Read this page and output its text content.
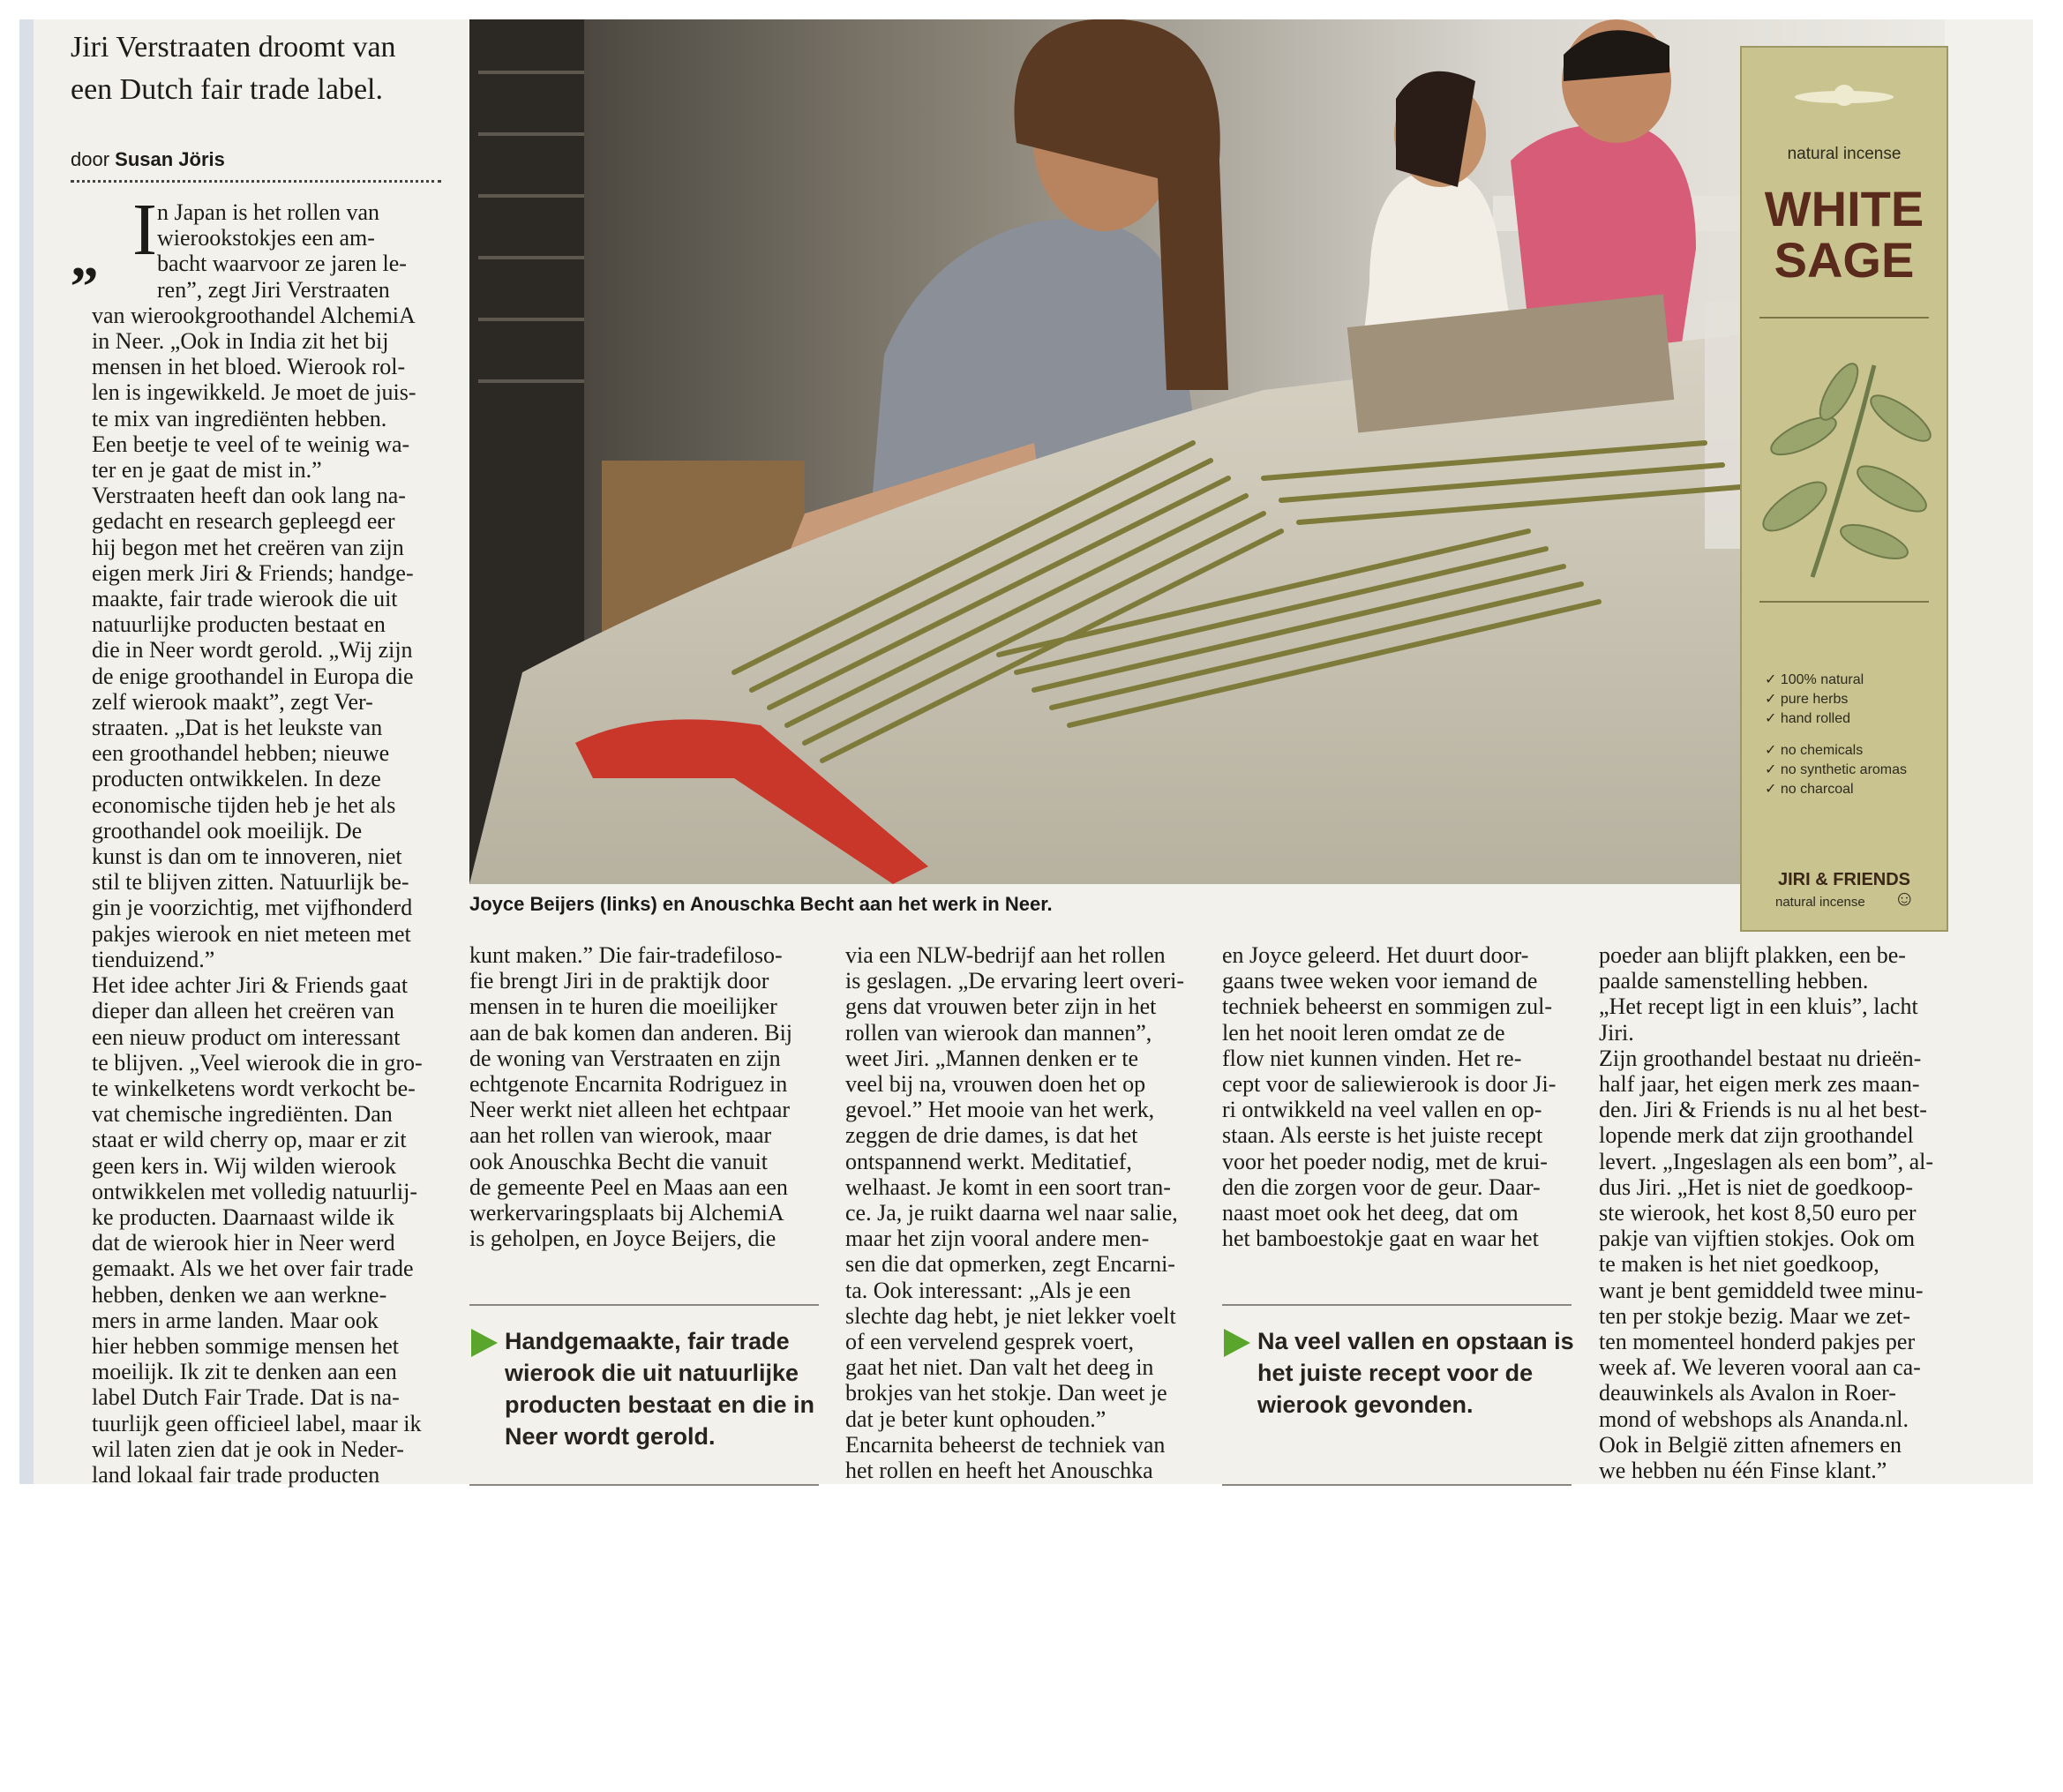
Jiri Verstraaten droomt van een Dutch fair trade label.
door Susan Jöris
„ I n Japan is het rollen van

wierookstokjes een am-

bacht waarvoor ze jaren le-

ren”, zegt Jiri Verstraaten

van wierookgroothandel AlchemiA

in Neer. „Ook in India zit het bij

mensen in het bloed. Wierook rol-

len is ingewikkeld. Je moet de juis-

te mix van ingrediënten hebben.

Een beetje te veel of te weinig wa-

ter en je gaat de mist in.”

Verstraaten heeft dan ook lang na-

gedacht en research gepleegd eer

hij begon met het creëren van zijn

eigen merk Jiri & Friends; handge-

maakte, fair trade wierook die uit

natuurlijke producten bestaat en

die in Neer wordt gerold. „Wij zijn

de enige groothandel in Europa die

zelf wierook maakt”, zegt Ver-

straaten. „Dat is het leukste van

een groothandel hebben; nieuwe

producten ontwikkelen. In deze

economische tijden heb je het als

groothandel ook moeilijk. De

kunst is dan om te innoveren, niet

stil te blijven zitten. Natuurlijk be-

gin je voorzichtig, met vijfhonderd

pakjes wierook en niet meteen met

tienduizend.”

Het idee achter Jiri & Friends gaat

dieper dan alleen het creëren van

een nieuw product om interessant

te blijven. „Veel wierook die in gro-

te winkelketens wordt verkocht be-

vat chemische ingrediënten. Dan

staat er wild cherry op, maar er zit

geen kers in. Wij wilden wierook

ontwikkelen met volledig natuurlij-

ke producten. Daarnaast wilde ik

dat de wierook hier in Neer werd

gemaakt. Als we het over fair trade

hebben, denken we aan werkne-

mers in arme landen. Maar ook

hier hebben sommige mensen het

moeilijk. Ik zit te denken aan een

label Dutch Fair Trade. Dat is na-

tuurlijk geen officieel label, maar ik

wil laten zien dat je ook in Neder-

land lokaal fair trade producten

Joyce Beijers (links) en Anouschka Becht aan het werk in Neer.
natural incense
WHITE
SAGE
✓ 100% natural
✓ pure herbs
✓ hand rolled
✓ no chemicals
✓ no synthetic aromas
✓ no charcoal
JIRI & FRIENDS
natural incense ☺

kunt maken.” Die fair-tradefiloso-

fie brengt Jiri in de praktijk door

mensen in te huren die moeilijker

aan de bak komen dan anderen. Bij

de woning van Verstraaten en zijn

echtgenote Encarnita Rodriguez in

Neer werkt niet alleen het echtpaar

aan het rollen van wierook, maar

ook Anouschka Becht die vanuit

de gemeente Peel en Maas aan een

werkervaringsplaats bij AlchemiA

is geholpen, en Joyce Beijers, die

via een NLW-bedrijf aan het rollen

is geslagen. „De ervaring leert overi-

gens dat vrouwen beter zijn in het

rollen van wierook dan mannen”,

weet Jiri. „Mannen denken er te

veel bij na, vrouwen doen het op

gevoel.” Het mooie van het werk,

zeggen de drie dames, is dat het

ontspannend werkt. Meditatief,

welhaast. Je komt in een soort tran-

ce. Ja, je ruikt daarna wel naar salie,

maar het zijn vooral andere men-

sen die dat opmerken, zegt Encarni-

ta. Ook interessant: „Als je een

slechte dag hebt, je niet lekker voelt

of een vervelend gesprek voert,

gaat het niet. Dan valt het deeg in

brokjes van het stokje. Dan weet je

dat je beter kunt ophouden.”

Encarnita beheerst de techniek van

het rollen en heeft het Anouschka

en Joyce geleerd. Het duurt door-

gaans twee weken voor iemand de

techniek beheerst en sommigen zul-

len het nooit leren omdat ze de

flow niet kunnen vinden. Het re-

cept voor de saliewierook is door Ji-

ri ontwikkeld na veel vallen en op-

staan. Als eerste is het juiste recept

voor het poeder nodig, met de krui-

den die zorgen voor de geur. Daar-

naast moet ook het deeg, dat om

het bamboestokje gaat en waar het

poeder aan blijft plakken, een be-

paalde samenstelling hebben.

„Het recept ligt in een kluis”, lacht

Jiri.

Zijn groothandel bestaat nu drieën-

half jaar, het eigen merk zes maan-

den. Jiri & Friends is nu al het best-

lopende merk dat zijn groothandel

levert. „Ingeslagen als een bom”, al-

dus Jiri. „Het is niet de goedkoop-

ste wierook, het kost 8,50 euro per

pakje van vijftien stokjes. Ook om

te maken is het niet goedkoop,

want je bent gemiddeld twee minu-

ten per stokje bezig. Maar we zet-

ten momenteel honderd pakjes per

week af. We leveren vooral aan ca-

deauwinkels als Avalon in Roer-

mond of webshops als Ananda.nl.

Ook in België zitten afnemers en

we hebben nu één Finse klant.”

Handgemaakte, fair trade
wierook die uit natuurlijke
producten bestaat en die in
Neer wordt gerold.
Na veel vallen en opstaan is
het juiste recept voor de
wierook gevonden.
